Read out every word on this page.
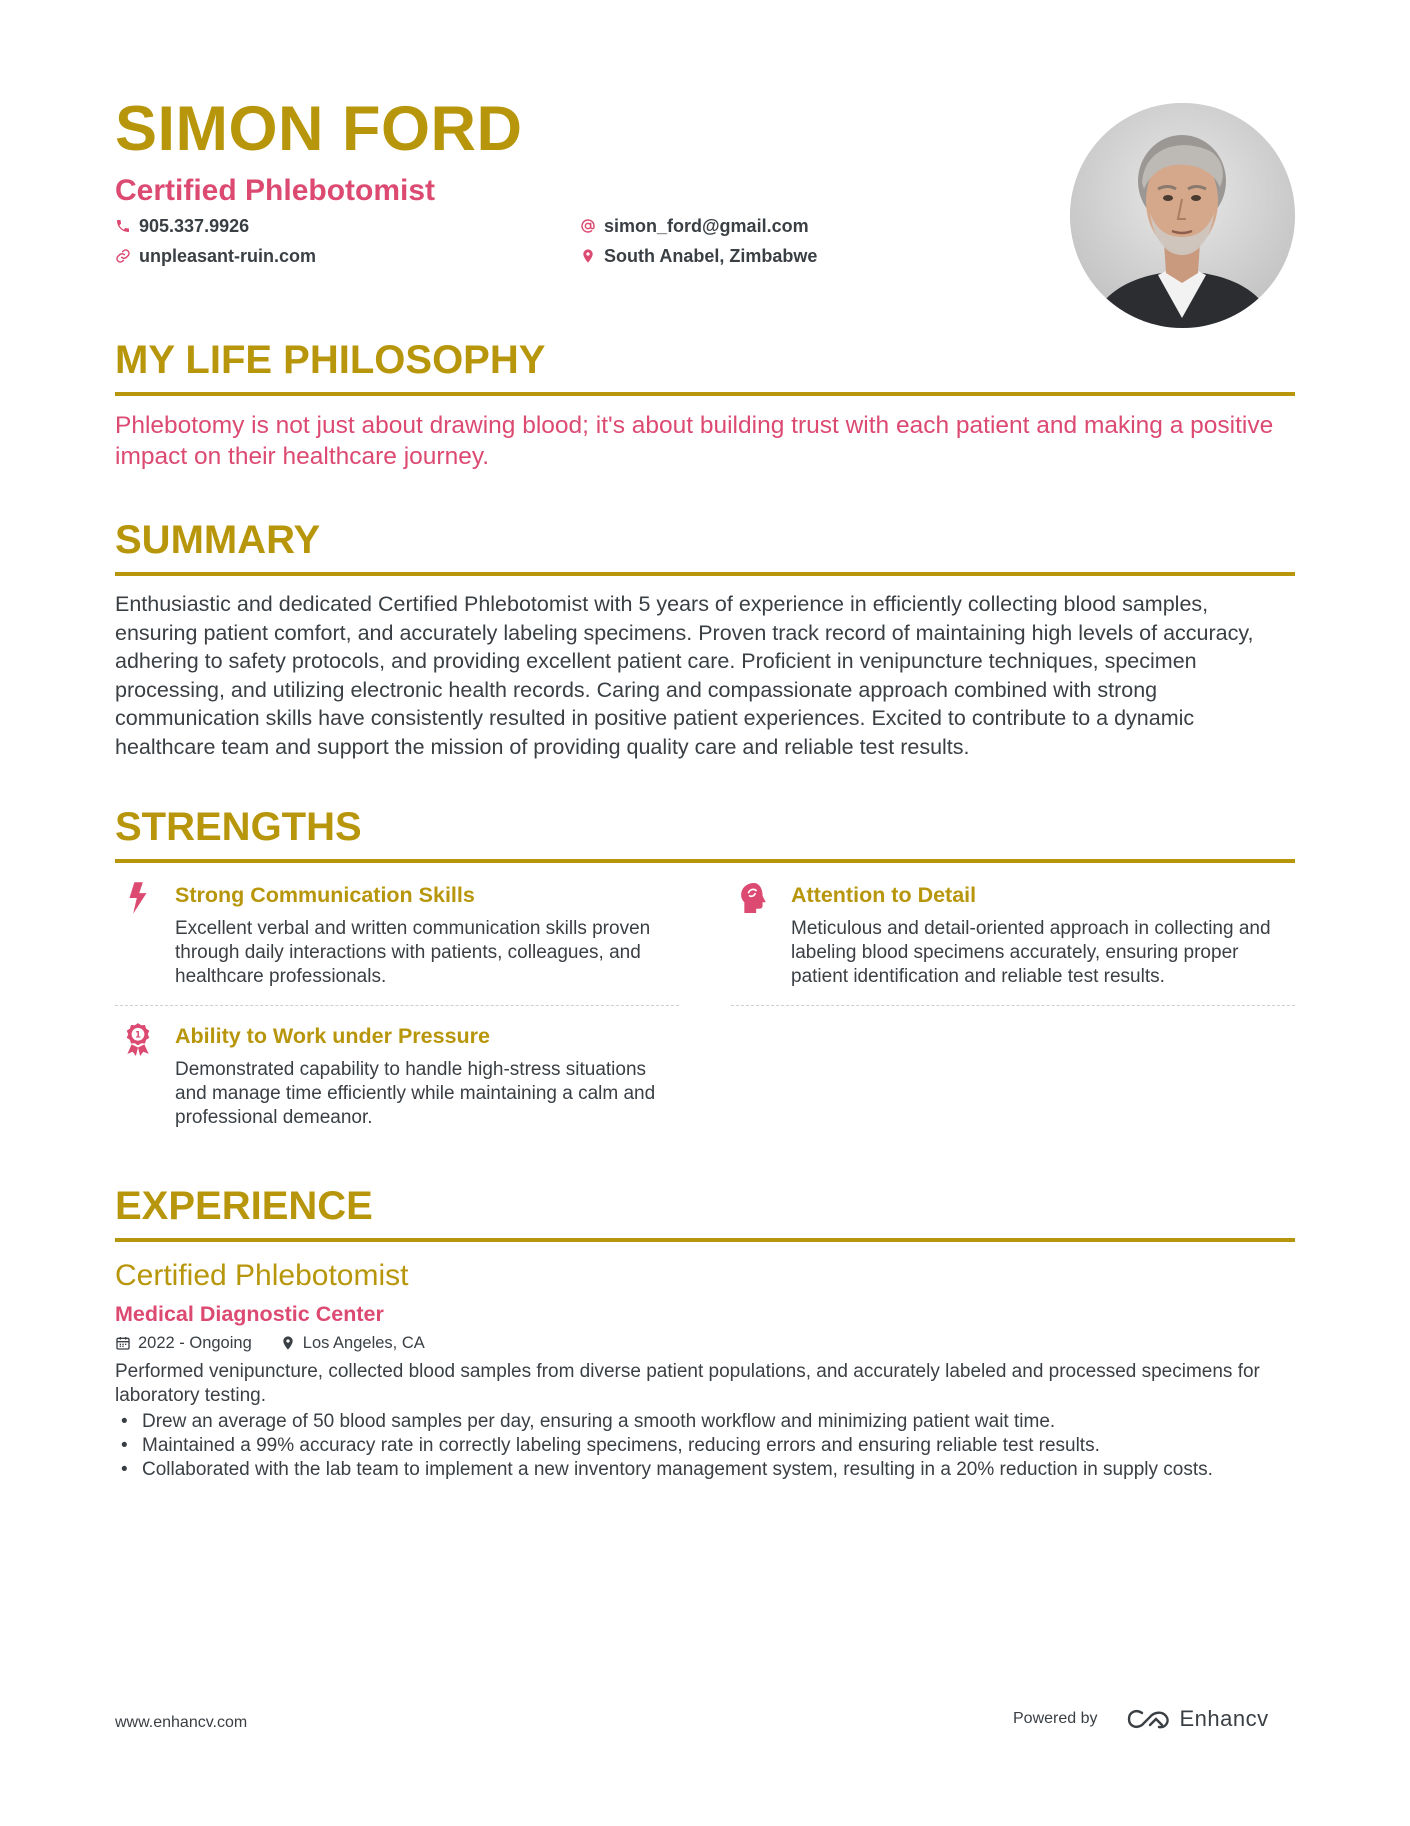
SIMON FORD
Certified Phlebotomist
905.337.9926	simon_ford@gmail.com
unpleasant-ruin.com	South Anabel, Zimbabwe
MY LIFE PHILOSOPHY
Phlebotomy is not just about drawing blood; it's about building trust with each patient and making a positive impact on their healthcare journey.
SUMMARY
Enthusiastic and dedicated Certified Phlebotomist with 5 years of experience in efficiently collecting blood samples, ensuring patient comfort, and accurately labeling specimens. Proven track record of maintaining high levels of accuracy, adhering to safety protocols, and providing excellent patient care. Proficient in venipuncture techniques, specimen processing, and utilizing electronic health records. Caring and compassionate approach combined with strong communication skills have consistently resulted in positive patient experiences. Excited to contribute to a dynamic healthcare team and support the mission of providing quality care and reliable test results.
STRENGTHS
Strong Communication Skills
Excellent verbal and written communication skills proven through daily interactions with patients, colleagues, and healthcare professionals.
Attention to Detail
Meticulous and detail-oriented approach in collecting and labeling blood specimens accurately, ensuring proper patient identification and reliable test results.
1 Ability to Work under Pressure
Demonstrated capability to handle high-stress situations and manage time efficiently while maintaining a calm and professional demeanor.
EXPERIENCE
Certified Phlebotomist
Medical Diagnostic Center
2022 - Ongoing	Los Angeles, CA
Performed venipuncture, collected blood samples from diverse patient populations, and accurately labeled and processed specimens for laboratory testing.
• Drew an average of 50 blood samples per day, ensuring a smooth workflow and minimizing patient wait time.
• Maintained a 99% accuracy rate in correctly labeling specimens, reducing errors and ensuring reliable test results.
• Collaborated with the lab team to implement a new inventory management system, resulting in a 20% reduction in supply costs.
www.enhancv.com	Powered by	Enhancv
